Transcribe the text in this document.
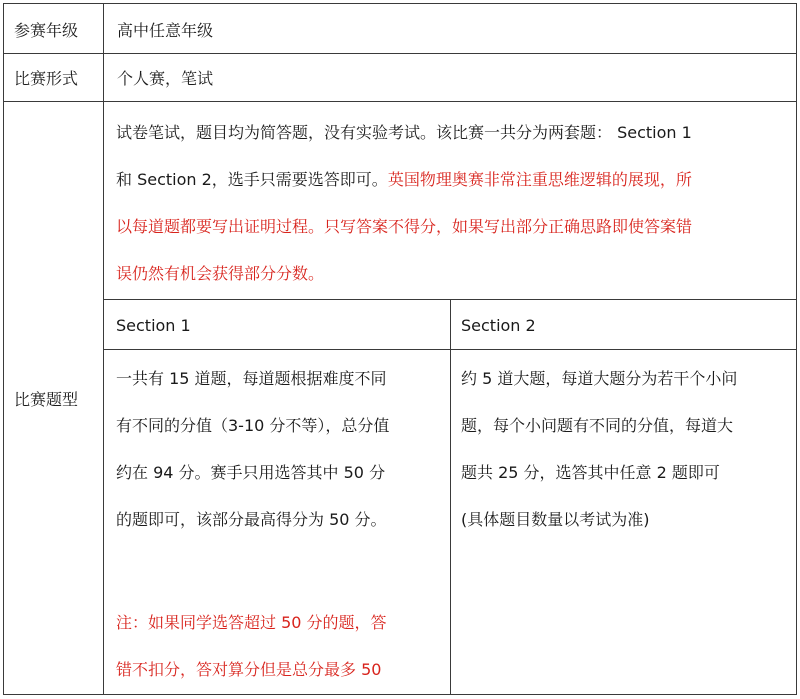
参赛年级 高中任意年级
比赛形式 个人赛，笔试
比赛题型
试卷笔试，题目均为简答题，没有实验考试。该比赛一共分为两套题： Section 1
和 Section 2，选手只需要选答即可。英国物理奥赛非常注重思维逻辑的展现，所
以每道题都要写出证明过程。只写答案不得分，如果写出部分正确思路即使答案错
误仍然有机会获得部分分数。
Section 1	Section 2
一共有 15 道题，每道题根据难度不同
有不同的分值（3-10 分不等），总分值
约在 94 分。赛手只用选答其中 50 分
的题即可，该部分最高得分为 50 分。
注：如果同学选答超过 50 分的题，答
错不扣分，答对算分但是总分最多 50
约 5 道大题，每道大题分为若干个小问
题，每个小问题有不同的分值，每道大
题共 25 分，选答其中任意 2 题即可
(具体题目数量以考试为准)
